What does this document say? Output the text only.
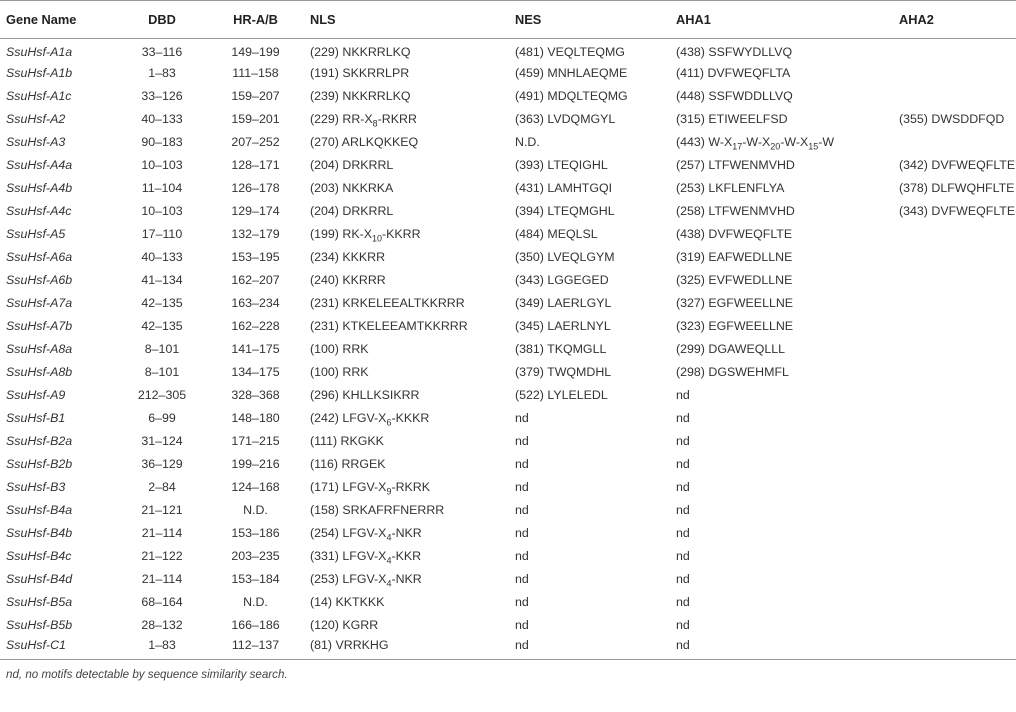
Gene Name	DBD	HR-A/B	NLS	NES	AHA1	AHA2
SsuHsf-A1a	33–116	149–199	(229) NKKRRLKQ	(481) VEQLTEQMG	(438) SSFWYDLLVQ	
SsuHsf-A1b	1–83	111–158	(191) SKKRRLPR	(459) MNHLAEQME	(411) DVFWEQFLTA	
SsuHsf-A1c	33–126	159–207	(239) NKKRRLKQ	(491) MDQLTEQMG	(448) SSFWDDLLVQ	
SsuHsf-A2	40–133	159–201	(229) $RR-X_8$-RKRR	(363) LVDQMGYL	(315) ETIWEELFSD	(355) DWSDDFQD
SsuHsf-A3	90–183	207–252	(270) ARLKQKKEQ	N.D.	(443) $W-X_{17}-W-X_{20}-W-X_{15}-W$	
SsuHsf-A4a	10–103	128–171	(204) DRKRRL	(393) LTEQIGHL	(257) LTFWENMVHD	(342) DVFWEQFLTE
SsuHsf-A4b	11–104	126–178	(203) NKKRKA	(431) LAMHTGQI	(253) LKFLENFLYA	(378) DLFWQHFLTE
SsuHsf-A4c	10–103	129–174	(204) DRKRRL	(394) LTEQMGHL	(258) LTFWENMVHD	(343) DVFWEQFLTE
SsuHsf-A5	17–110	132–179	(199) $RK-X_{10}$-KKRR	(484) MEQLSL	(438) DVFWEQFLTE	
SsuHsf-A6a	40–133	153–195	(234) KKKRR	(350) LVEQLGYM	(319) EAFWEDLLNE	
SsuHsf-A6b	41–134	162–207	(240) KKRRR	(343) LGGEGED	(325) EVFWEDLLNE	
SsuHsf-A7a	42–135	163–234	(231) KRKELEEALTKKRRR	(349) LAERLGYL	(327) EGFWEELLNE	
SsuHsf-A7b	42–135	162–228	(231) KTKELEEAMTKKRRR	(345) LAERLNYL	(323) EGFWEELLNE	
SsuHsf-A8a	8–101	141–175	(100) RRK	(381) TKQMGLL	(299) DGAWEQLLL	
SsuHsf-A8b	8–101	134–175	(100) RRK	(379) TWQMDHL	(298) DGSWEHMFL	
SsuHsf-A9	212–305	328–368	(296) KHLLKSIKRR	(522) LYLELEDL	nd	
SsuHsf-B1	6–99	148–180	(242) LFGV-$X_6$-KKKR	nd	nd	
SsuHsf-B2a	31–124	171–215	(111) RKGKK	nd	nd	
SsuHsf-B2b	36–129	199–216	(116) RRGEK	nd	nd	
SsuHsf-B3	2–84	124–168	(171) LFGV-$X_9$-RKRK	nd	nd	
SsuHsf-B4a	21–121	N.D.	(158) SRKAFRFNERRR	nd	nd	
SsuHsf-B4b	21–114	153–186	(254) LFGV-$X_4$-NKR	nd	nd	
SsuHsf-B4c	21–122	203–235	(331) LFGV-$X_4$-KKR	nd	nd	
SsuHsf-B4d	21–114	153–184	(253) LFGV-$X_4$-NKR	nd	nd	
SsuHsf-B5a	68–164	N.D.	(14) KKTKKK	nd	nd	
SsuHsf-B5b	28–132	166–186	(120) KGRR	nd	nd	
SsuHsf-C1	1–83	112–137	(81) VRRKHG	nd	nd	
nd, no motifs detectable by sequence similarity search.
